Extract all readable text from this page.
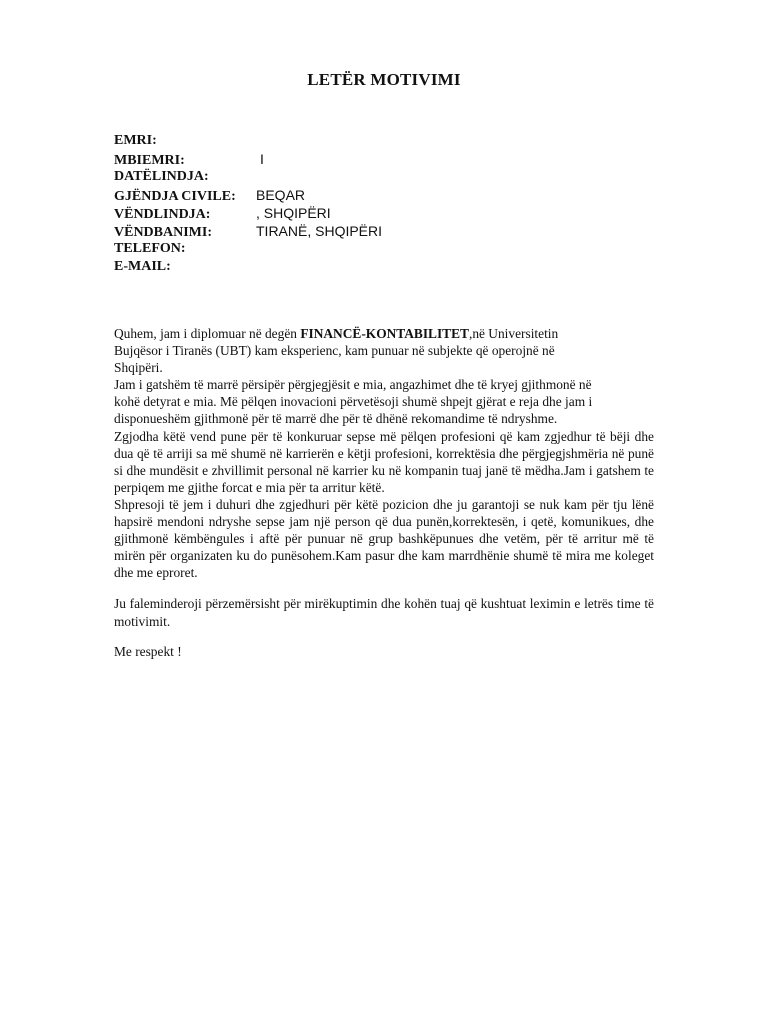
LETËR MOTIVIMI
EMRI:
MBIEMRI:	I
DATËLINDJA:
GJËNDJA CIVILE: BEQAR
VËNDLINDJA:	, SHQIPËRI
VËNDBANIMI:	TIRANË, SHQIPËRI
TELEFON:
E-MAIL:

Quhem, jam i diplomuar në degën FINANCË-KONTABILITET,në Universitetin
Bujqësor i Tiranës (UBT) kam eksperienc, kam punuar në subjekte që operojnë në
Shqipëri.

Jam i gatshëm të marrë përsipër përgjegjësit e mia, angazhimet dhe të kryej gjithmonë në
kohë detyrat e mia. Më pëlqen inovacioni përvetësoji shumë shpejt gjërat e reja dhe jam i
disponueshëm gjithmonë për të marrë dhe për të dhënë rekomandime të ndryshme.

Zgjodha këtë vend pune për të konkuruar sepse më pëlqen profesioni që kam zgjedhur të bëji dhe dua që të arriji sa më shumë në karrierën e këtji profesioni, korrektësia dhe përgjegjshmëria në punë si dhe mundësit e zhvillimit personal në karrier ku në kompanin tuaj janë të mëdha.Jam i gatshem te perpiqem me gjithe forcat e mia për ta arritur këtë.

Shpresoji të jem i duhuri dhe zgjedhuri për këtë pozicion dhe ju garantoji se nuk kam për tju lënë hapsirë mendoni ndryshe sepse jam një person që dua punën,korrektesën, i qetë, komunikues, dhe gjithmonë këmbëngules i aftë për punuar në grup bashkëpunues dhe vetëm, për të arritur më të mirën për organizaten ku do punësohem.Kam pasur dhe kam marrdhënie shumë të mira me koleget dhe me eproret.

Ju faleminderoji përzemërsisht për mirëkuptimin dhe kohën tuaj që kushtuat leximin e letrës time të motivimit.

Me respekt !
